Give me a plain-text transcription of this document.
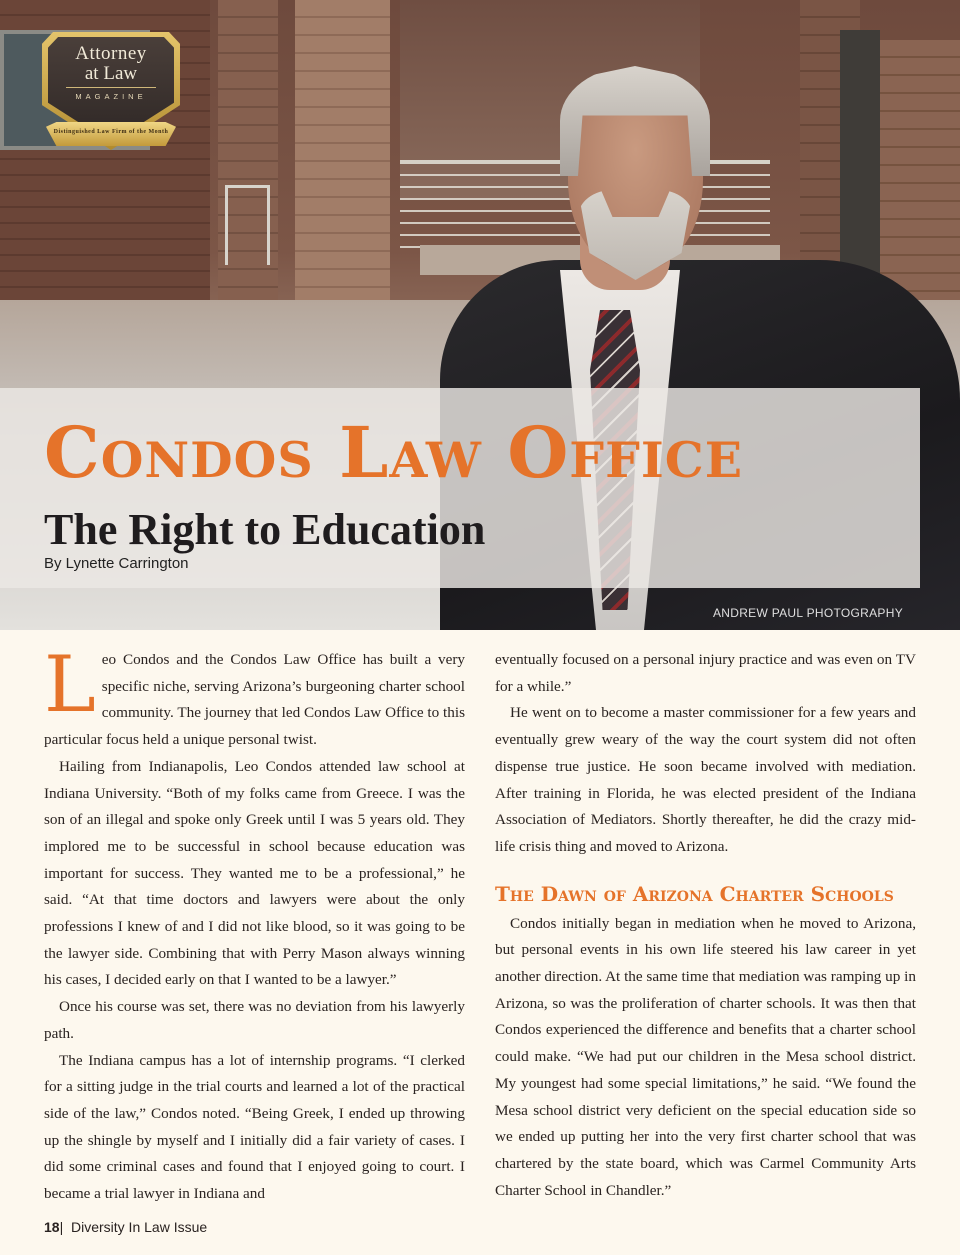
Attorney
at Law
MAGAZINE
Distinguished Law Firm of the Month
ANDREW PAUL PHOTOGRAPHY
Condos Law Office
The Right to Education
By Lynette Carrington

Leo Condos and the Condos Law Office has built a very specific niche, serving Arizona’s burgeoning charter school community. The journey that led Condos Law Office to this particular focus held a unique personal twist.

Hailing from Indianapolis, Leo Condos attended law school at Indiana University. “Both of my folks came from Greece. I was the son of an illegal and spoke only Greek until I was 5 years old. They implored me to be successful in school because education was important for success. They wanted me to be a professional,” he said. “At that time doctors and lawyers were about the only professions I knew of and I did not like blood, so it was going to be the lawyer side. Combining that with Perry Mason always winning his cases, I decided early on that I wanted to be a lawyer.”

Once his course was set, there was no deviation from his lawyerly path.

The Indiana campus has a lot of internship programs. “I clerked for a sitting judge in the trial courts and learned a lot of the practical side of the law,” Condos noted. “Being Greek, I ended up throwing up the shingle by myself and I initially did a fair variety of cases. I did some criminal cases and found that I enjoyed going to court. I became a trial lawyer in Indiana and

eventually focused on a personal injury practice and was even on TV for a while.”

He went on to become a master commissioner for a few years and eventually grew weary of the way the court system did not often dispense true justice. He soon became involved with mediation. After training in Florida, he was elected president of the Indiana Association of Mediators. Shortly thereafter, he did the crazy mid-life crisis thing and moved to Arizona.

The Dawn of Arizona Charter Schools

Condos initially began in mediation when he moved to Arizona, but personal events in his own life steered his law career in yet another direction. At the same time that mediation was ramping up in Arizona, so was the proliferation of charter schools. It was then that Condos experienced the difference and benefits that a charter school could make. “We had put our children in the Mesa school district. My youngest had some special limitations,” he said. “We found the Mesa school district very deficient on the special education side so we ended up putting her into the very first charter school that was chartered by the state board, which was Carmel Community Arts Charter School in Chandler.”

18| Diversity In Law Issue
